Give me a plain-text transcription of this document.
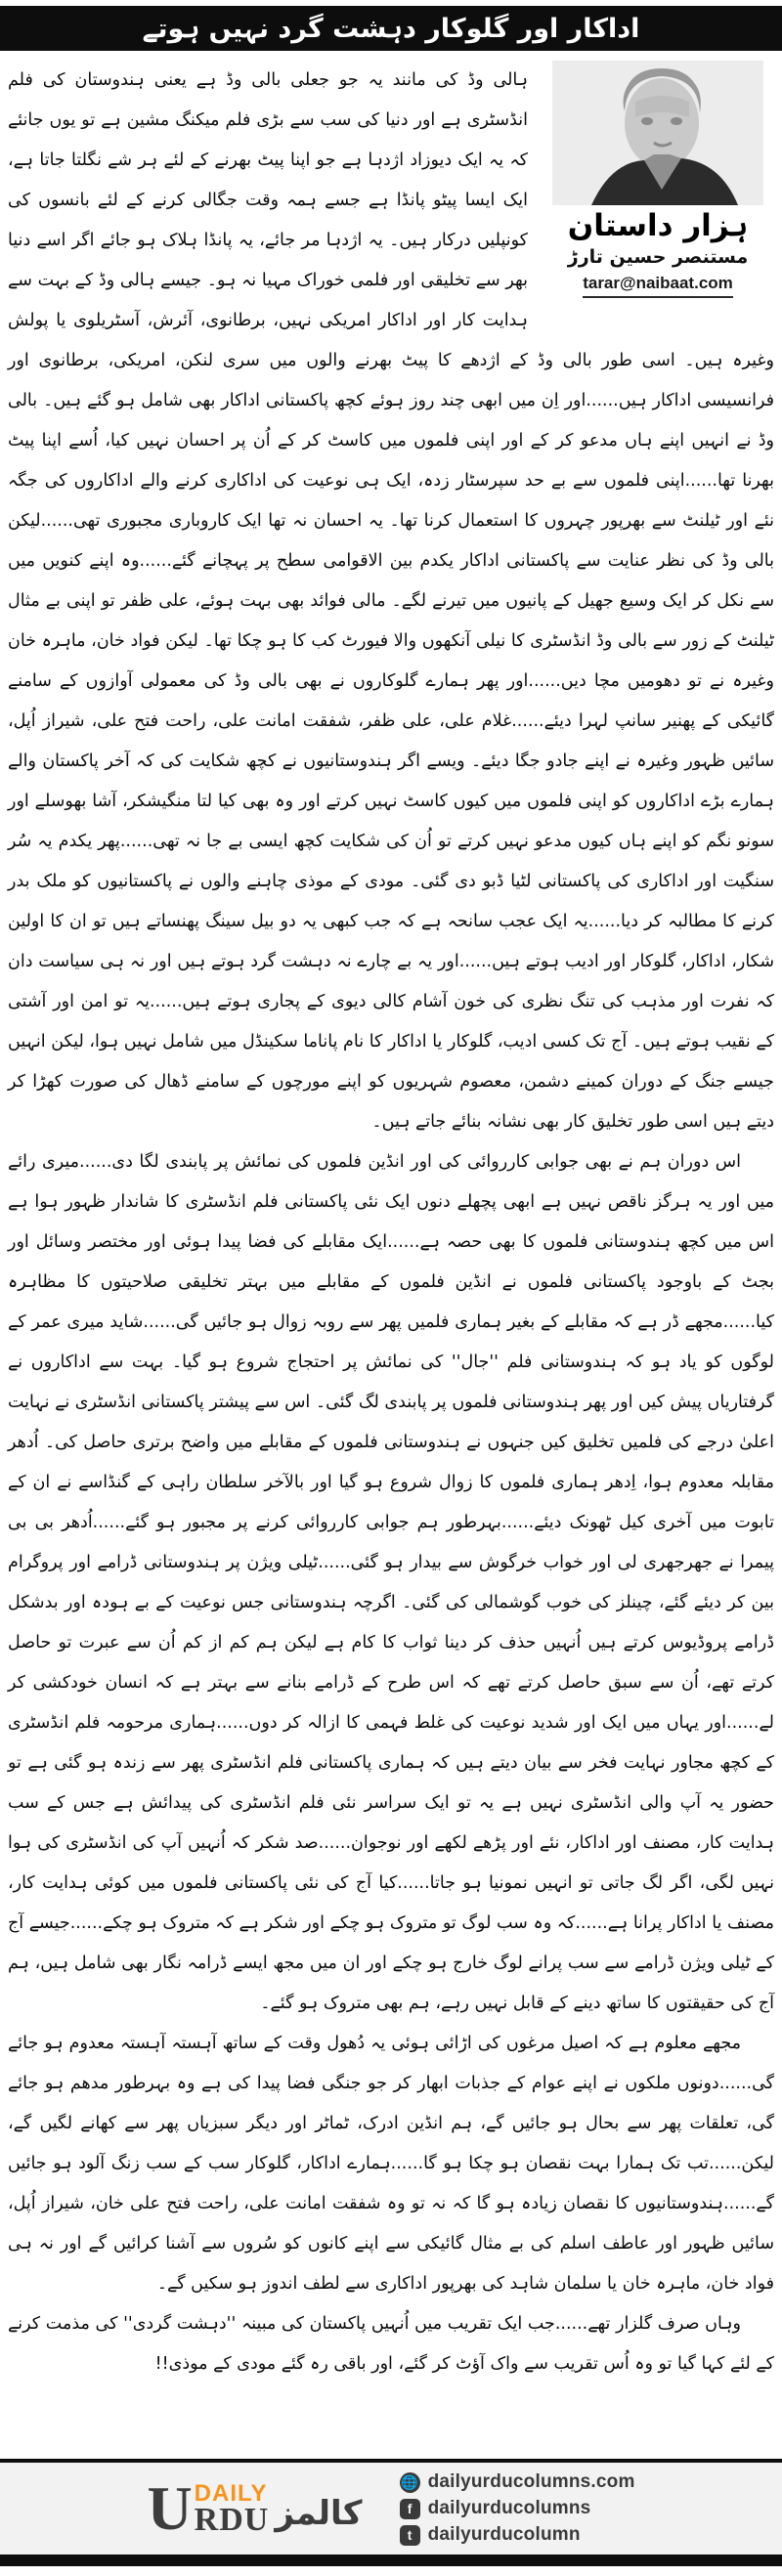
اداکار اور گلوکار دہشت گرد نہیں ہوتے
ہزار داستان
مستنصر حسین تارڑ
tarar@naibaat.com

ہالی وڈ کی مانند یہ جو جعلی بالی وڈ ہے یعنی ہندوستان کی فلم انڈسٹری ہے اور دنیا کی سب سے بڑی فلم میکنگ مشین ہے تو یوں جانئے کہ یہ ایک دیوزاد اژدہا ہے جو اپنا پیٹ بھرنے کے لئے ہر شے نگلتا جاتا ہے، ایک ایسا پیٹو پانڈا ہے جسے ہمہ وقت جگالی کرنے کے لئے بانسوں کی کونپلیں درکار ہیں۔ یہ اژدہا مر جائے، یہ پانڈا ہلاک ہو جائے اگر اسے دنیا بھر سے تخلیقی اور فلمی خوراک مہیا نہ ہو۔ جیسے ہالی وڈ کے بہت سے ہدایت کار اور اداکار امریکی نہیں، برطانوی، آئرش، آسٹریلوی یا پولش وغیرہ ہیں۔ اسی طور بالی وڈ کے اژدھے کا پیٹ بھرنے والوں میں سری لنکن، امریکی، برطانوی اور فرانسیسی اداکار ہیں......اور اِن میں ابھی چند روز ہوئے کچھ پاکستانی اداکار بھی شامل ہو گئے ہیں۔ بالی وڈ نے انہیں اپنے ہاں مدعو کر کے اور اپنی فلموں میں کاسٹ کر کے اُن پر احسان نہیں کیا، اُسے اپنا پیٹ بھرنا تھا......اپنی فلموں سے بے حد سپرسٹار زدہ، ایک ہی نوعیت کی اداکاری کرنے والے اداکاروں کی جگہ نئے اور ٹیلنٹ سے بھرپور چہروں کا استعمال کرنا تھا۔ یہ احسان نہ تھا ایک کاروباری مجبوری تھی......لیکن بالی وڈ کی نظر عنایت سے پاکستانی اداکار یکدم بین الاقوامی سطح پر پہچانے گئے......وہ اپنے کنویں میں سے نکل کر ایک وسیع جھیل کے پانیوں میں تیرنے لگے۔ مالی فوائد بھی بہت ہوئے، علی ظفر تو اپنی بے مثال ٹیلنٹ کے زور سے بالی وڈ انڈسٹری کا نیلی آنکھوں والا فیورٹ کب کا ہو چکا تھا۔ لیکن فواد خان، ماہرہ خان وغیرہ نے تو دھومیں مچا دیں......اور پھر ہمارے گلوکاروں نے بھی بالی وڈ کی معمولی آوازوں کے سامنے گائیکی کے پھنیر سانپ لہرا دیئے......غلام علی، علی ظفر، شفقت امانت علی، راحت فتح علی، شیراز اُپل، سائیں ظہور وغیرہ نے اپنے جادو جگا دیئے۔ ویسے اگر ہندوستانیوں نے کچھ شکایت کی کہ آخر پاکستان والے ہمارے بڑے اداکاروں کو اپنی فلموں میں کیوں کاسٹ نہیں کرتے اور وہ بھی کیا لتا منگیشکر، آشا بھوسلے اور سونو نگم کو اپنے ہاں کیوں مدعو نہیں کرتے تو اُن کی شکایت کچھ ایسی بے جا نہ تھی......پھر یکدم یہ سُر سنگیت اور اداکاری کی پاکستانی لٹیا ڈبو دی گئی۔ مودی کے موذی چاہنے والوں نے پاکستانیوں کو ملک بدر کرنے کا مطالبہ کر دیا......یہ ایک عجب سانحہ ہے کہ جب کبھی یہ دو بیل سینگ پھنساتے ہیں تو ان کا اولین شکار، اداکار، گلوکار اور ادیب ہوتے ہیں......اور یہ بے چارے نہ دہشت گرد ہوتے ہیں اور نہ ہی سیاست دان کہ نفرت اور مذہب کی تنگ نظری کی خون آشام کالی دیوی کے پجاری ہوتے ہیں......یہ تو امن اور آشتی کے نقیب ہوتے ہیں۔ آج تک کسی ادیب، گلوکار یا اداکار کا نام پاناما سکینڈل میں شامل نہیں ہوا، لیکن انہیں جیسے جنگ کے دوران کمینے دشمن، معصوم شہریوں کو اپنے مورچوں کے سامنے ڈھال کی صورت کھڑا کر دیتے ہیں اسی طور تخلیق کار بھی نشانہ بنائے جاتے ہیں۔

اس دوران ہم نے بھی جوابی کارروائی کی اور انڈین فلموں کی نمائش پر پابندی لگا دی......میری رائے میں اور یہ ہرگز ناقص نہیں ہے ابھی پچھلے دنوں ایک نئی پاکستانی فلم انڈسٹری کا شاندار ظہور ہوا ہے اس میں کچھ ہندوستانی فلموں کا بھی حصہ ہے......ایک مقابلے کی فضا پیدا ہوئی اور مختصر وسائل اور بجٹ کے باوجود پاکستانی فلموں نے انڈین فلموں کے مقابلے میں بہتر تخلیقی صلاحیتوں کا مظاہرہ کیا......مجھے ڈر ہے کہ مقابلے کے بغیر ہماری فلمیں پھر سے روبہ زوال ہو جائیں گی......شاید میری عمر کے لوگوں کو یاد ہو کہ ہندوستانی فلم ''جال'' کی نمائش پر احتجاج شروع ہو گیا۔ بہت سے اداکاروں نے گرفتاریاں پیش کیں اور پھر ہندوستانی فلموں پر پابندی لگ گئی۔ اس سے پیشتر پاکستانی انڈسٹری نے نہایت اعلیٰ درجے کی فلمیں تخلیق کیں جنہوں نے ہندوستانی فلموں کے مقابلے میں واضح برتری حاصل کی۔ اُدھر مقابلہ معدوم ہوا، اِدھر ہماری فلموں کا زوال شروع ہو گیا اور بالآخر سلطان راہی کے گنڈاسے نے ان کے تابوت میں آخری کیل ٹھونک دیئے......بہرطور ہم جوابی کارروائی کرنے پر مجبور ہو گئے......اُدھر بی بی پیمرا نے جھرجھری لی اور خواب خرگوش سے بیدار ہو گئی......ٹیلی ویژن پر ہندوستانی ڈرامے اور پروگرام بین کر دیئے گئے، چینلز کی خوب گوشمالی کی گئی۔ اگرچہ ہندوستانی جس نوعیت کے بے ہودہ اور بدشکل ڈرامے پروڈیوس کرتے ہیں اُنہیں حذف کر دینا ثواب کا کام ہے لیکن ہم کم از کم اُن سے عبرت تو حاصل کرتے تھے، اُن سے سبق حاصل کرتے تھے کہ اس طرح کے ڈرامے بنانے سے بہتر ہے کہ انسان خودکشی کر لے......اور یہاں میں ایک اور شدید نوعیت کی غلط فہمی کا ازالہ کر دوں......ہماری مرحومہ فلم انڈسٹری کے کچھ مجاور نہایت فخر سے بیان دیتے ہیں کہ ہماری پاکستانی فلم انڈسٹری پھر سے زندہ ہو گئی ہے تو حضور یہ آپ والی انڈسٹری نہیں ہے یہ تو ایک سراسر نئی فلم انڈسٹری کی پیدائش ہے جس کے سب ہدایت کار، مصنف اور اداکار، نئے اور پڑھے لکھے اور نوجوان......صد شکر کہ اُنہیں آپ کی انڈسٹری کی ہوا نہیں لگی، اگر لگ جاتی تو انہیں نمونیا ہو جاتا......کیا آج کی نئی پاکستانی فلموں میں کوئی ہدایت کار، مصنف یا اداکار پرانا ہے......کہ وہ سب لوگ تو متروک ہو چکے اور شکر ہے کہ متروک ہو چکے......جیسے آج کے ٹیلی ویژن ڈرامے سے سب پرانے لوگ خارج ہو چکے اور ان میں مجھ ایسے ڈرامہ نگار بھی شامل ہیں، ہم آج کی حقیقتوں کا ساتھ دینے کے قابل نہیں رہے، ہم بھی متروک ہو گئے۔

مجھے معلوم ہے کہ اصیل مرغوں کی اڑائی ہوئی یہ دُھول وقت کے ساتھ آہستہ آہستہ معدوم ہو جائے گی......دونوں ملکوں نے اپنے عوام کے جذبات ابھار کر جو جنگی فضا پیدا کی ہے وہ بہرطور مدھم ہو جائے گی، تعلقات پھر سے بحال ہو جائیں گے، ہم انڈین ادرک، ٹماٹر اور دیگر سبزیاں پھر سے کھانے لگیں گے، لیکن......تب تک ہمارا بہت نقصان ہو چکا ہو گا......ہمارے اداکار، گلوکار سب کے سب زنگ آلود ہو جائیں گے......ہندوستانیوں کا نقصان زیادہ ہو گا کہ نہ تو وہ شفقت امانت علی، راحت فتح علی خان، شیراز اُپل، سائیں ظہور اور عاطف اسلم کی بے مثال گائیکی سے اپنے کانوں کو سُروں سے آشنا کرائیں گے اور نہ ہی فواد خان، ماہرہ خان یا سلمان شاہد کی بھرپور اداکاری سے لطف اندوز ہو سکیں گے۔

وہاں صرف گلزار تھے......جب ایک تقریب میں اُنہیں پاکستان کی مبینہ ''دہشت گردی'' کی مذمت کرنے کے لئے کہا گیا تو وہ اُس تقریب سے واک آؤٹ کر گئے، اور باقی رہ گئے مودی کے موذی!!

U DAILY
RDU کالمز
🌐 dailyurducolumns.com
f dailyurducolumns
t dailyurducolumn
